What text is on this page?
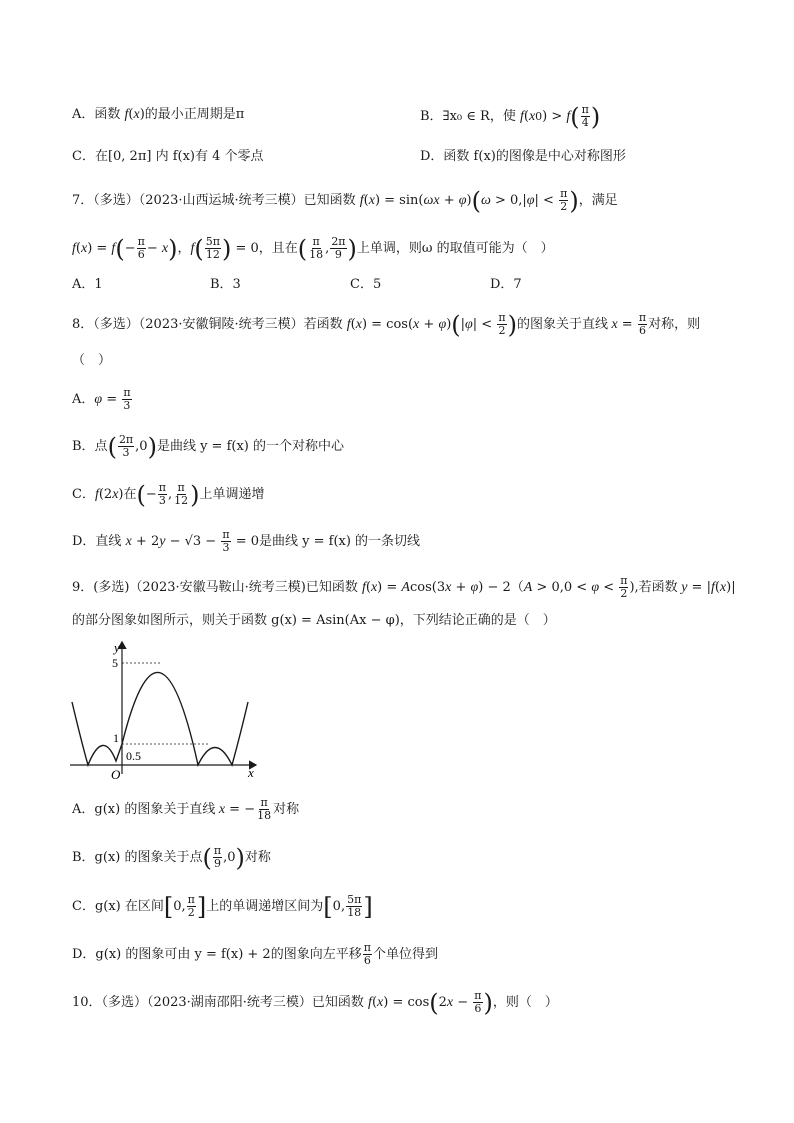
A．函数 f(x)的最小正周期是π	B．∃x₀ ∈ R，使 $f(x0) > f( \frac{\pi}{4}$ )
C．在[0, 2π] 内 f(x)有 4 个零点	D．函数 f(x)的图像是中心对称图形
7．（多选）（2023·山西运城·统考三模）已知函数 $f(x) = \sin(\omega x + \varphi)(\omega > 0,|\varphi| < \frac{\pi}{2}$ )，满足
$f(x) = f(- \frac{\pi}{6} - x)$，$f( \frac{5\pi}{12}$ ) = 0，且在( $\frac{\pi}{18}$ , $\frac{2\pi}{9}$ )上单调，则ω 的取值可能为（　）
A．1	B．3	C．5	D．7
8．（多选）（2023·安徽铜陵·统考三模）若函数 $f(x) = \cos(x + \varphi)(|\varphi| < \frac{\pi}{2}$ )的图象关于直线 $x = \frac{\pi}{6}$ 对称，则
（　）
A．$\varphi = \frac{\pi}{3}$
B．点( $\frac{2\pi}{3} ,0$)是曲线 y = f(x) 的一个对称中心
C．f(2x)在(− $\frac{\pi}{3}$ , $\frac{\pi}{12}$ )上单调递增
D．直线 $x + 2y - √3 - \frac{\pi}{3} = 0$是曲线 y = f(x) 的一条切线
9．(多选)（2023·安徽马鞍山·统考三模)已知函数 $f(x) = Acos(3x + \varphi) - 2(A > 0,0 < \varphi < \frac{\pi}{2}$ ),若函数 y = |f(x)|
的部分图象如图所示，则关于函数 g(x) = Asin(Ax − φ)，下列结论正确的是（　）
y
x
O
5
1
0.5
A．g(x) 的图象关于直线 x = − $\frac{\pi}{18}$ 对称
B．g(x) 的图象关于点( $\frac{\pi}{9} ,0$)对称
C．g(x) 在区间[0, $\frac{\pi}{2}$ ]上的单调递增区间为[0, $\frac{5\pi}{18}$ ]
D．g(x) 的图象可由 y = f(x) + 2的图象向左平移 $\frac{\pi}{6}$ 个单位得到
10．（多选）（2023·湖南邵阳·统考三模）已知函数 $f(x) = \cos(2x - \frac{\pi}{6}$ )，则（　）
